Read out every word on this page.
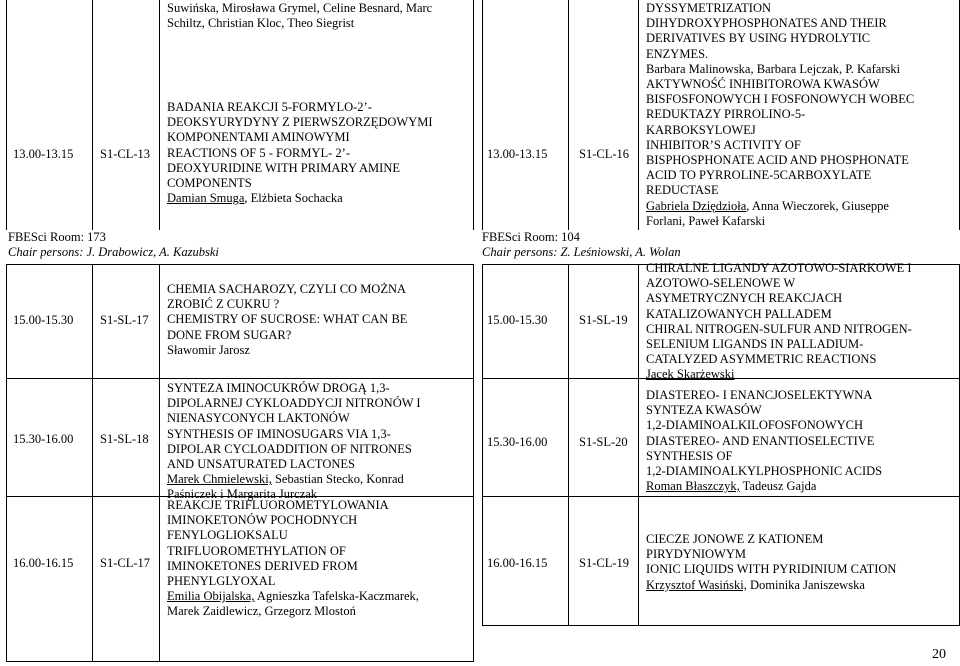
Suwińska, Mirosława Grymel, Celine Besnard, Marc
Schiltz, Christian Kloc, Theo Siegrist
13.00-13.15 S1-CL-13
BADANIA REAKCJI 5-FORMYLO-2’-
DEOKSYURYDYNY Z PIERWSZORZĘDOWYMI
KOMPONENTAMI AMINOWYMI
REACTIONS OF 5 - FORMYL- 2’-
DEOXYURIDINE WITH PRIMARY AMINE
COMPONENTS
Damian Smuga, Elżbieta Sochacka
FBESci Room: 173
Chair persons: J. Drabowicz, A. Kazubski
15.00-15.30 S1-SL-17
CHEMIA SACHAROZY, CZYLI CO MOŻNA
ZROBIĆ Z CUKRU ?
CHEMISTRY OF SUCROSE: WHAT CAN BE
DONE FROM SUGAR?
Sławomir Jarosz
15.30-16.00 S1-SL-18
SYNTEZA IMINOCUKRÓW DROGĄ 1,3-
DIPOLARNEJ CYKLOADDYCJI NITRONÓW I
NIENASYCONYCH LAKTONÓW
SYNTHESIS OF IMINOSUGARS VIA 1,3-
DIPOLAR CYCLOADDITION OF NITRONES
AND UNSATURATED LACTONES
Marek Chmielewski, Sebastian Stecko, Konrad
Paśniczek i Margarita Jurczak
16.00-16.15 S1-CL-17
REAKCJE TRIFLUOROMETYLOWANIA
IMINOKETONÓW POCHODNYCH
FENYLOGLIOKSALU
TRIFLUOROMETHYLATION OF
IMINOKETONES DERIVED FROM
PHENYLGLYOXAL
Emilia Obijalska, Agnieszka Tafelska-Kaczmarek,
Marek Zaidlewicz, Grzegorz Mlostoń
DYSSYMETRIZATION
DIHYDROXYPHOSPHONATES AND THEIR
DERIVATIVES BY USING HYDROLYTIC
ENZYMES.
Barbara Malinowska, Barbara Lejczak, P. Kafarski
13.00-13.15	S1-CL-16
AKTYWNOŚĆ INHIBITOROWA KWASÓW
BISFOSFONOWYCH I FOSFONOWYCH WOBEC
REDUKTAZY PIRROLINO-5-
KARBOKSYLOWEJ
INHIBITOR’S ACTIVITY OF
BISPHOSPHONATE ACID AND PHOSPHONATE
ACID TO PYRROLINE-5CARBOXYLATE
REDUCTASE
Gabriela Dziędzioła, Anna Wieczorek, Giuseppe
Forlani, Paweł Kafarski
FBESci Room: 104
Chair persons: Z. Leśniowski, A. Wolan
15.00-15.30	S1-SL-19
CHIRALNE LIGANDY AZOTOWO-SIARKOWE I
AZOTOWO-SELENOWE W
ASYMETRYCZNYCH REAKCJACH
KATALIZOWANYCH PALLADEM
CHIRAL NITROGEN-SULFUR AND NITROGEN-
SELENIUM LIGANDS IN PALLADIUM-
CATALYZED ASYMMETRIC REACTIONS
Jacek Skarżewski
15.30-16.00	S1-SL-20
DIASTEREO- I ENANCJOSELEKTYWNA
SYNTEZA KWASÓW
1,2-DIAMINOALKILOFOSFONOWYCH
DIASTEREO- AND ENANTIOSELECTIVE
SYNTHESIS OF
1,2-DIAMINOALKYLPHOSPHONIC ACIDS
Roman Błaszczyk, Tadeusz Gajda
16.00-16.15	S1-CL-19
CIECZE JONOWE Z KATIONEM
PIRYDYNIOWYM
IONIC LIQUIDS WITH PYRIDINIUM CATION
Krzysztof Wasiński, Dominika Janiszewska
20
